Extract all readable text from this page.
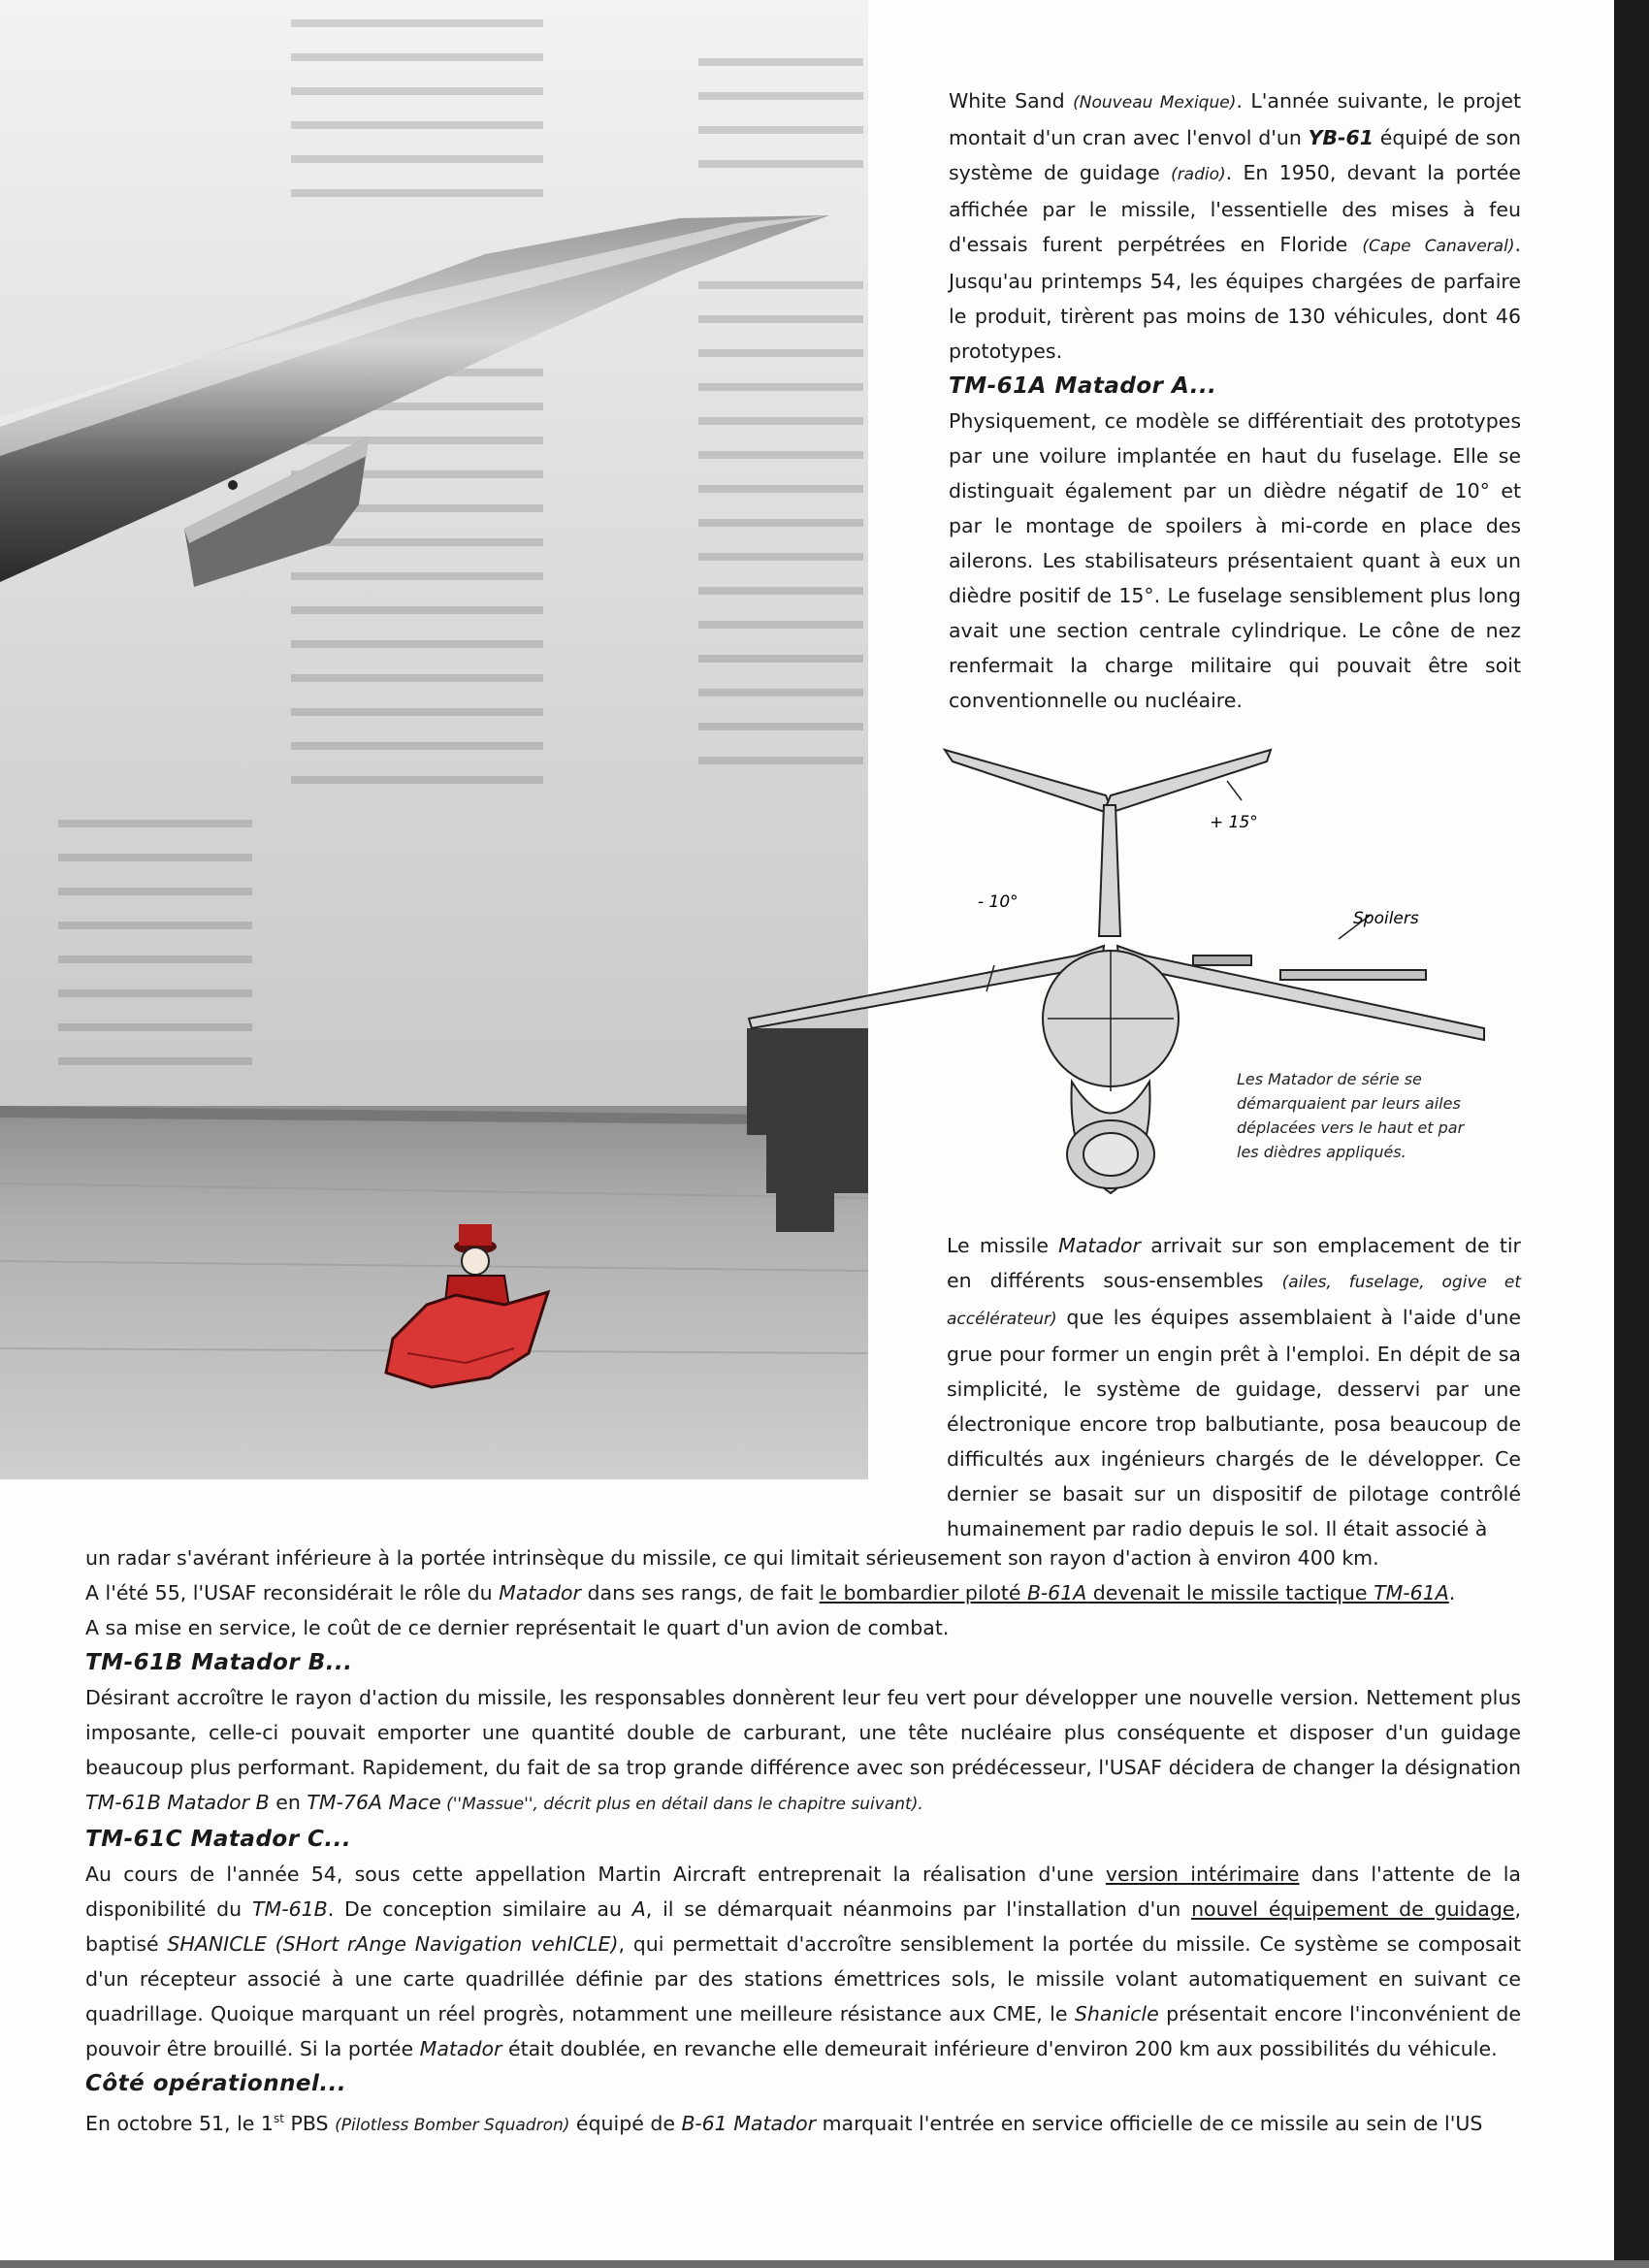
White Sand (Nouveau Mexique). L'année suivante, le projet montait d'un cran avec l'envol d'un YB-61 équipé de son système de guidage (radio). En 1950, devant la portée affichée par le missile, l'essentielle des mises à feu d'essais furent perpétrées en Floride (Cape Canaveral). Jusqu'au printemps 54, les équipes chargées de parfaire le produit, tirèrent pas moins de 130 véhicules, dont 46 prototypes.

TM-61A Matador A...

Physiquement, ce modèle se différentiait des prototypes par une voilure implantée en haut du fuselage. Elle se distinguait également par un dièdre négatif de 10° et par le montage de spoilers à mi-corde en place des ailerons. Les stabilisateurs présentaient quant à eux un dièdre positif de 15°. Le fuselage sensiblement plus long avait une section centrale cylindrique. Le cône de nez renfermait la charge militaire qui pouvait être soit conventionnelle ou nucléaire.

+ 15°
- 10°
Spoilers
Les Matador de série se démarquaient par leurs ailes déplacées vers le haut et par les dièdres appliqués.

Le missile Matador arrivait sur son emplacement de tir en différents sous-ensembles (ailes, fuselage, ogive et accélérateur) que les équipes assemblaient à l'aide d'une grue pour former un engin prêt à l'emploi. En dépit de sa simplicité, le système de guidage, desservi par une électronique encore trop balbutiante, posa beaucoup de difficultés aux ingénieurs chargés de le développer. Ce dernier se basait sur un dispositif de pilotage contrôlé humainement par radio depuis le sol. Il était associé à

un radar s'avérant inférieure à la portée intrinsèque du missile, ce qui limitait sérieusement son rayon d'action à environ 400 km.

A l'été 55, l'USAF reconsidérait le rôle du Matador dans ses rangs, de fait le bombardier piloté B-61A devenait le missile tactique TM-61A.

A sa mise en service, le coût de ce dernier représentait le quart d'un avion de combat.

TM-61B Matador B...

Désirant accroître le rayon d'action du missile, les responsables donnèrent leur feu vert pour développer une nouvelle version. Nettement plus imposante, celle-ci pouvait emporter une quantité double de carburant, une tête nucléaire plus conséquente et disposer d'un guidage beaucoup plus performant. Rapidement, du fait de sa trop grande différence avec son prédécesseur, l'USAF décidera de changer la désignation TM-61B Matador B en TM-76A Mace (''Massue'', décrit plus en détail dans le chapitre suivant).

TM-61C Matador C...

Au cours de l'année 54, sous cette appellation Martin Aircraft entreprenait la réalisation d'une version intérimaire dans l'attente de la disponibilité du TM-61B. De conception similaire au A, il se démarquait néanmoins par l'installation d'un nouvel équipement de guidage, baptisé SHANICLE (SHort rAnge Navigation vehICLE), qui permettait d'accroître sensiblement la portée du missile. Ce système se composait d'un récepteur associé à une carte quadrillée définie par des stations émettrices sols, le missile volant automatiquement en suivant ce quadrillage. Quoique marquant un réel progrès, notamment une meilleure résistance aux CME, le Shanicle présentait encore l'inconvénient de pouvoir être brouillé. Si la portée Matador était doublée, en revanche elle demeurait inférieure d'environ 200 km aux possibilités du véhicule.

Côté opérationnel...

En octobre 51, le 1st PBS (Pilotless Bomber Squadron) équipé de B-61 Matador marquait l'entrée en service officielle de ce missile au sein de l'US
